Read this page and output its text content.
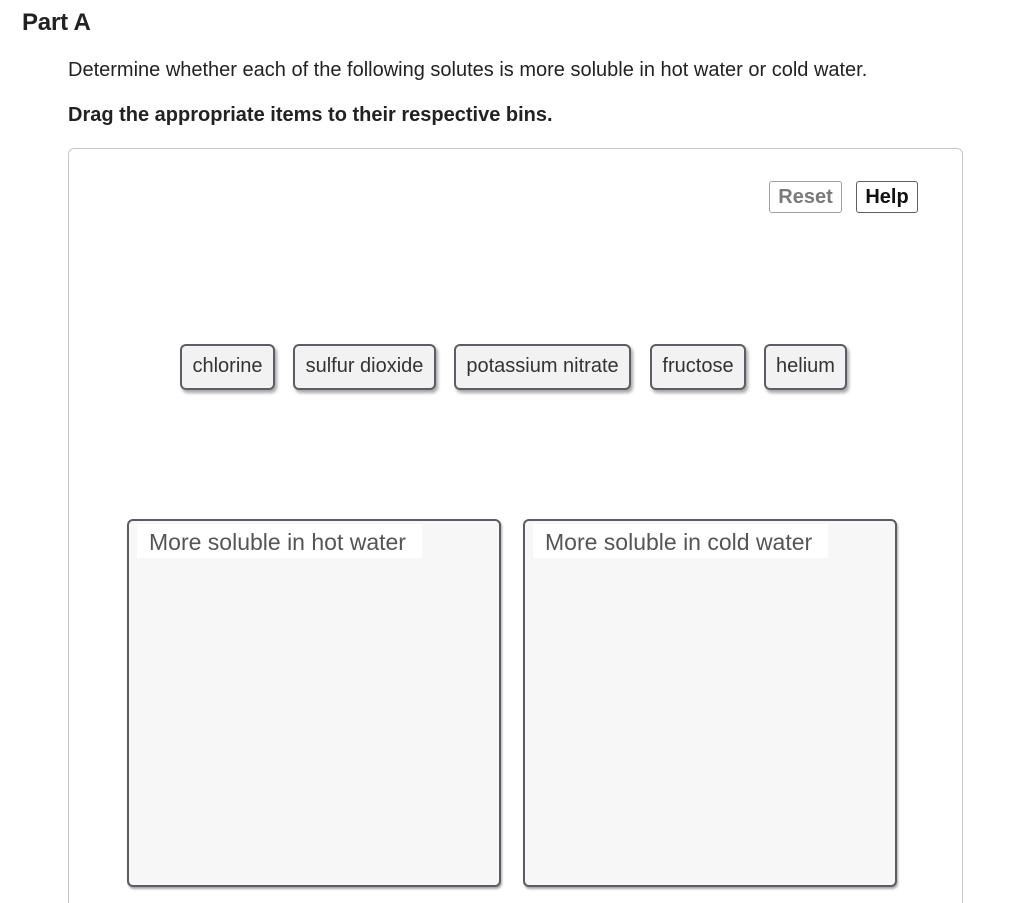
Part A
Determine whether each of the following solutes is more soluble in hot water or cold water.
Drag the appropriate items to their respective bins.
Reset	Help
chlorine	sulfur dioxide	potassium nitrate	fructose	helium
More soluble in hot water	More soluble in cold water
